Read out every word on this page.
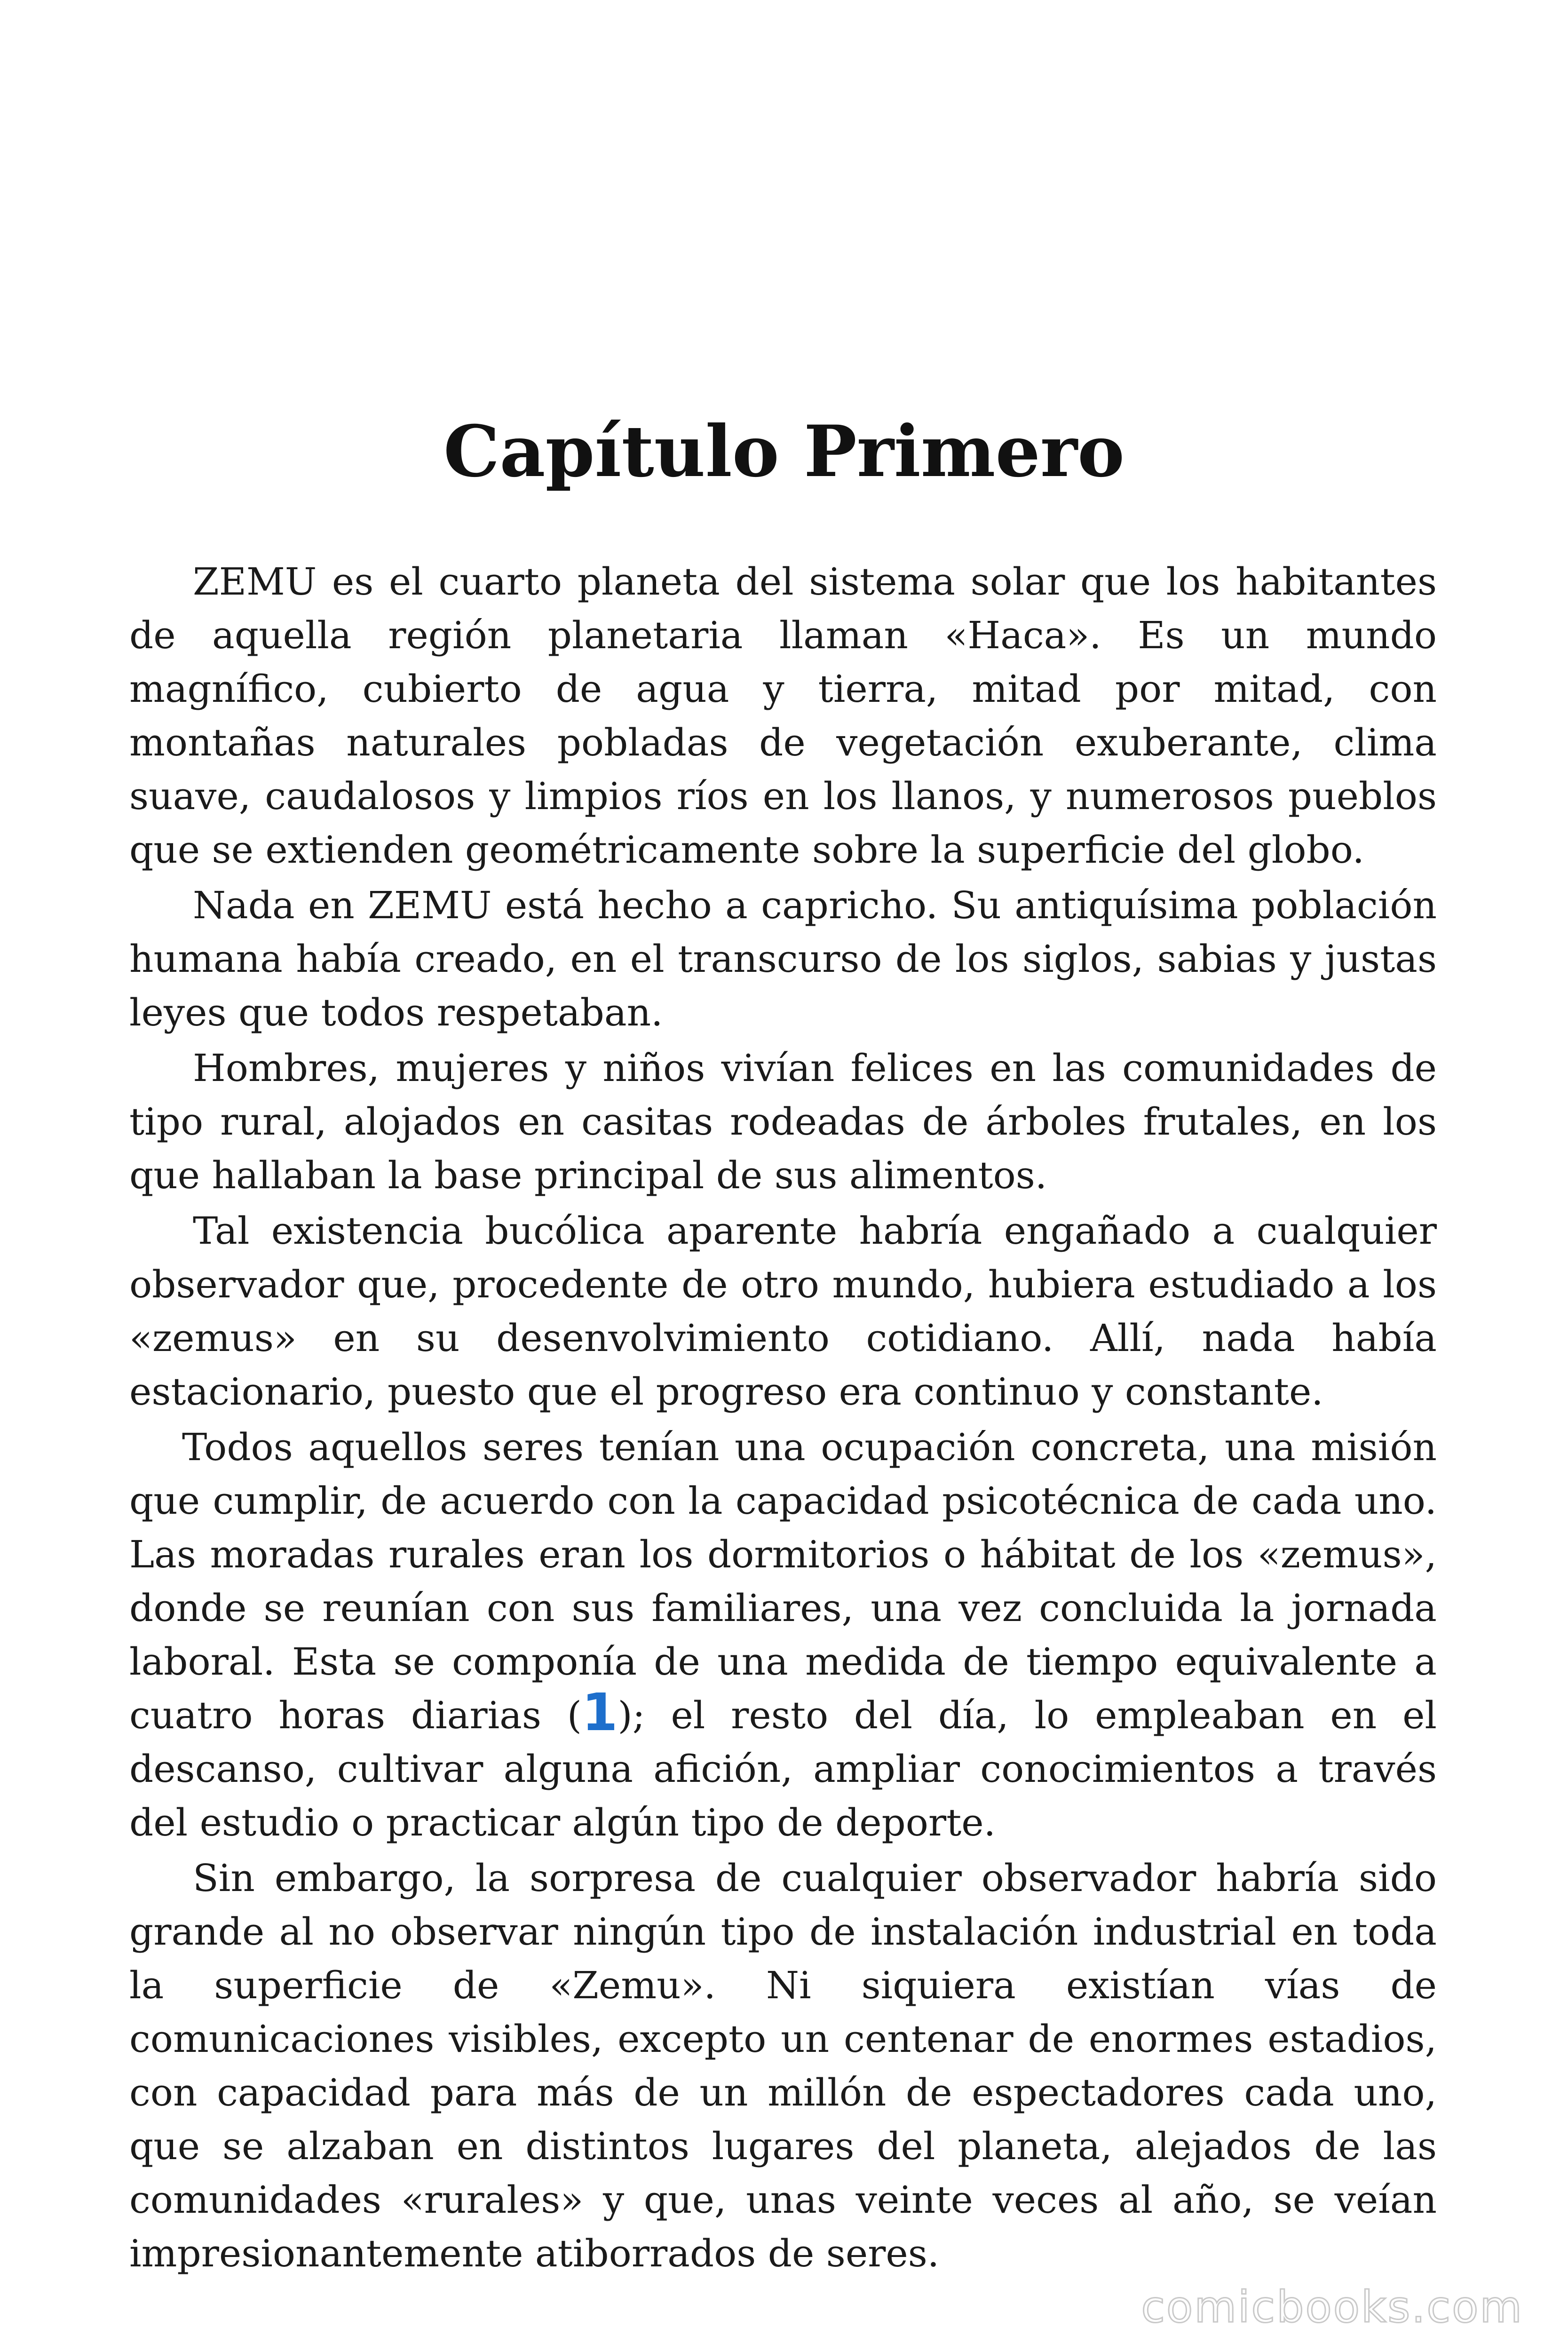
Capítulo Primero

ZEMU es el cuarto planeta del sistema solar que los habitantes de aquella región planetaria llaman «Haca». Es un mundo magnífico, cubierto de agua y tierra, mitad por mitad, con montañas naturales pobladas de vegetación exuberante, clima suave, caudalosos y limpios ríos en los llanos, y numerosos pueblos que se extienden geométricamente sobre la superficie del globo.

Nada en ZEMU está hecho a capricho. Su antiquísima población humana había creado, en el transcurso de los siglos, sabias y justas leyes que todos respetaban.

Hombres, mujeres y niños vivían felices en las comunidades de tipo rural, alojados en casitas rodeadas de árboles frutales, en los que hallaban la base principal de sus alimentos.

Tal existencia bucólica aparente habría engañado a cualquier observador que, procedente de otro mundo, hubiera estudiado a los «zemus» en su desenvolvimiento cotidiano. Allí, nada había estacionario, puesto que el progreso era continuo y constante.

Todos aquellos seres tenían una ocupación concreta, una misión que cumplir, de acuerdo con la capacidad psicotécnica de cada uno. Las moradas rurales eran los dormitorios o hábitat de los «zemus», donde se reunían con sus familiares, una vez concluida la jornada laboral. Esta se componía de una medida de tiempo equivalente a cuatro horas diarias (1); el resto del día, lo empleaban en el descanso, cultivar alguna afición, ampliar conocimientos a través del estudio o practicar algún tipo de deporte.

Sin embargo, la sorpresa de cualquier observador habría sido grande al no observar ningún tipo de instalación industrial en toda la superficie de «Zemu». Ni siquiera existían vías de comunicaciones visibles, excepto un centenar de enormes estadios, con capacidad para más de un millón de espectadores cada uno, que se alzaban en distintos lugares del planeta, alejados de las comunidades «rurales» y que, unas veinte veces al año, se veían impresionantemente atiborrados de seres.

comicbooks.com
